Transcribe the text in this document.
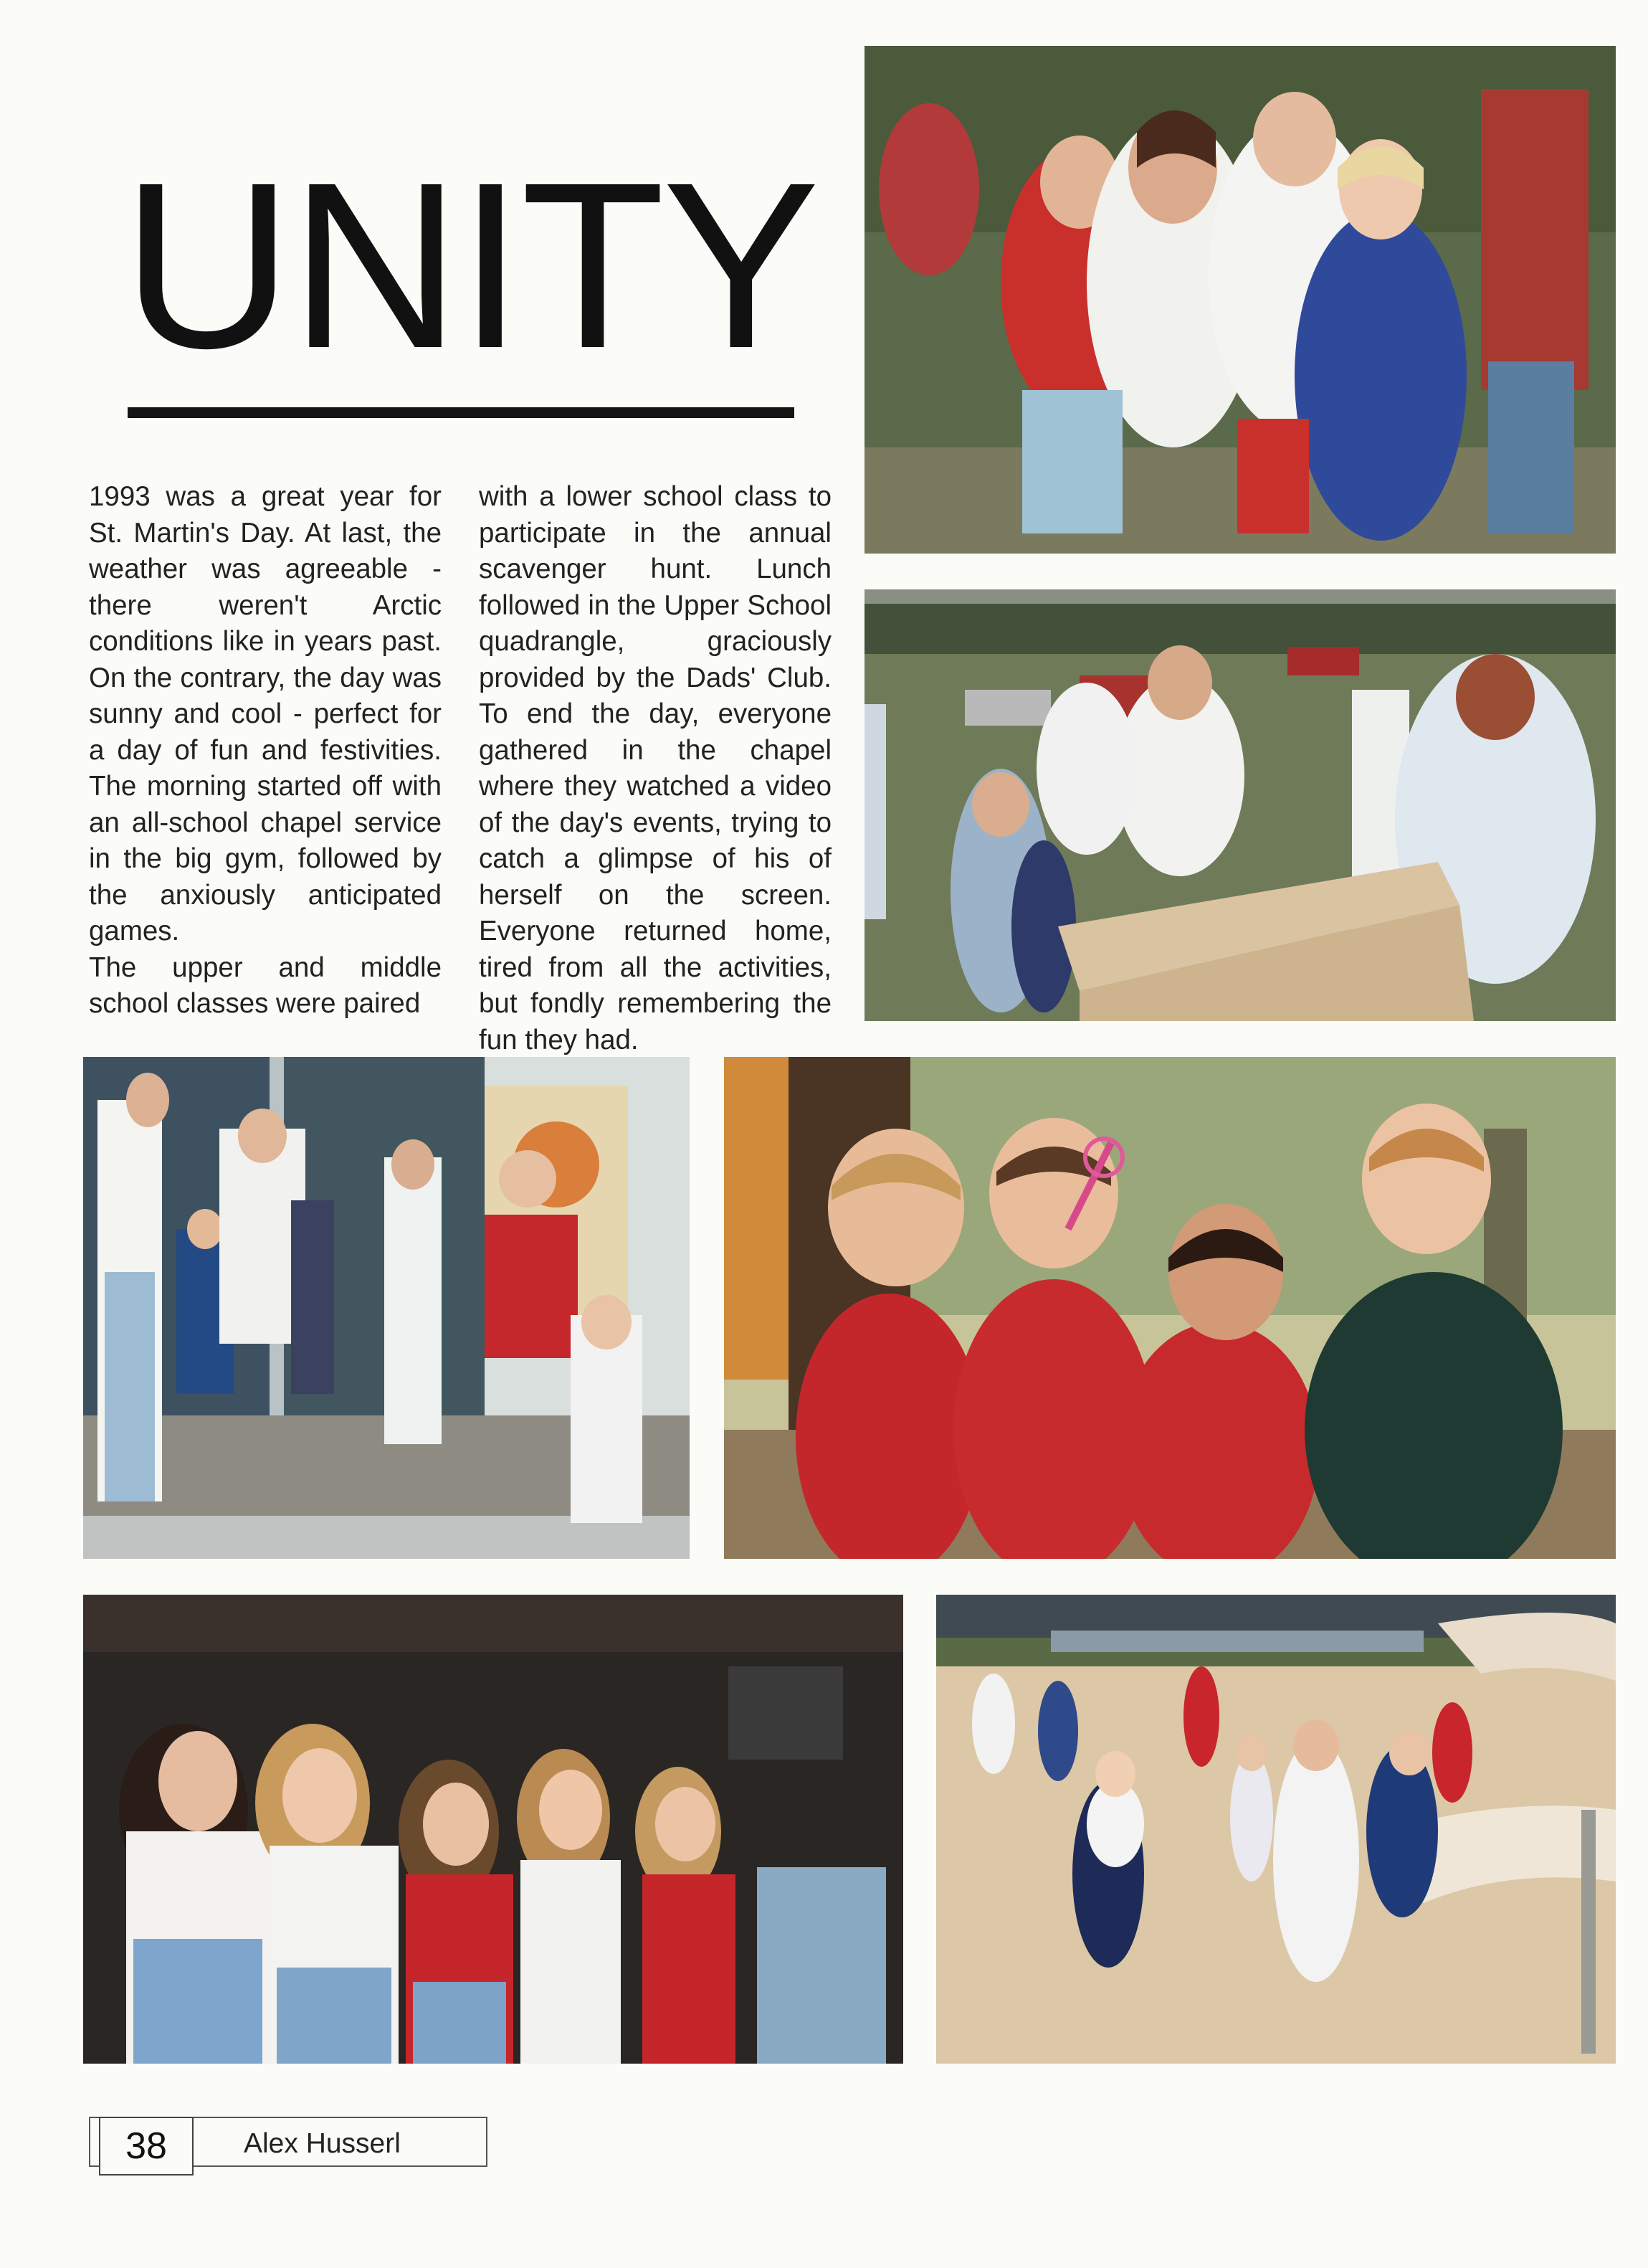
UNITY

1993 was a great year for St. Martin's Day. At last, the weather was agreeable - there weren't Arctic conditions like in years past. On the contrary, the day was sunny and cool - perfect for a day of fun and festivities. The morning started off with an all-school chapel service in the big gym, followed by the anxiously anticipated games.

The upper and middle school classes were paired

with a lower school class to participate in the annual scavenger hunt. Lunch followed in the Upper School quadrangle, graciously provided by the Dads' Club. To end the day, everyone gathered in the chapel where they watched a video of the day's events, trying to catch a glimpse of his of herself on the screen. Everyone returned home, tired from all the activities, but fondly remembering the fun they had.

38	Alex Husserl
